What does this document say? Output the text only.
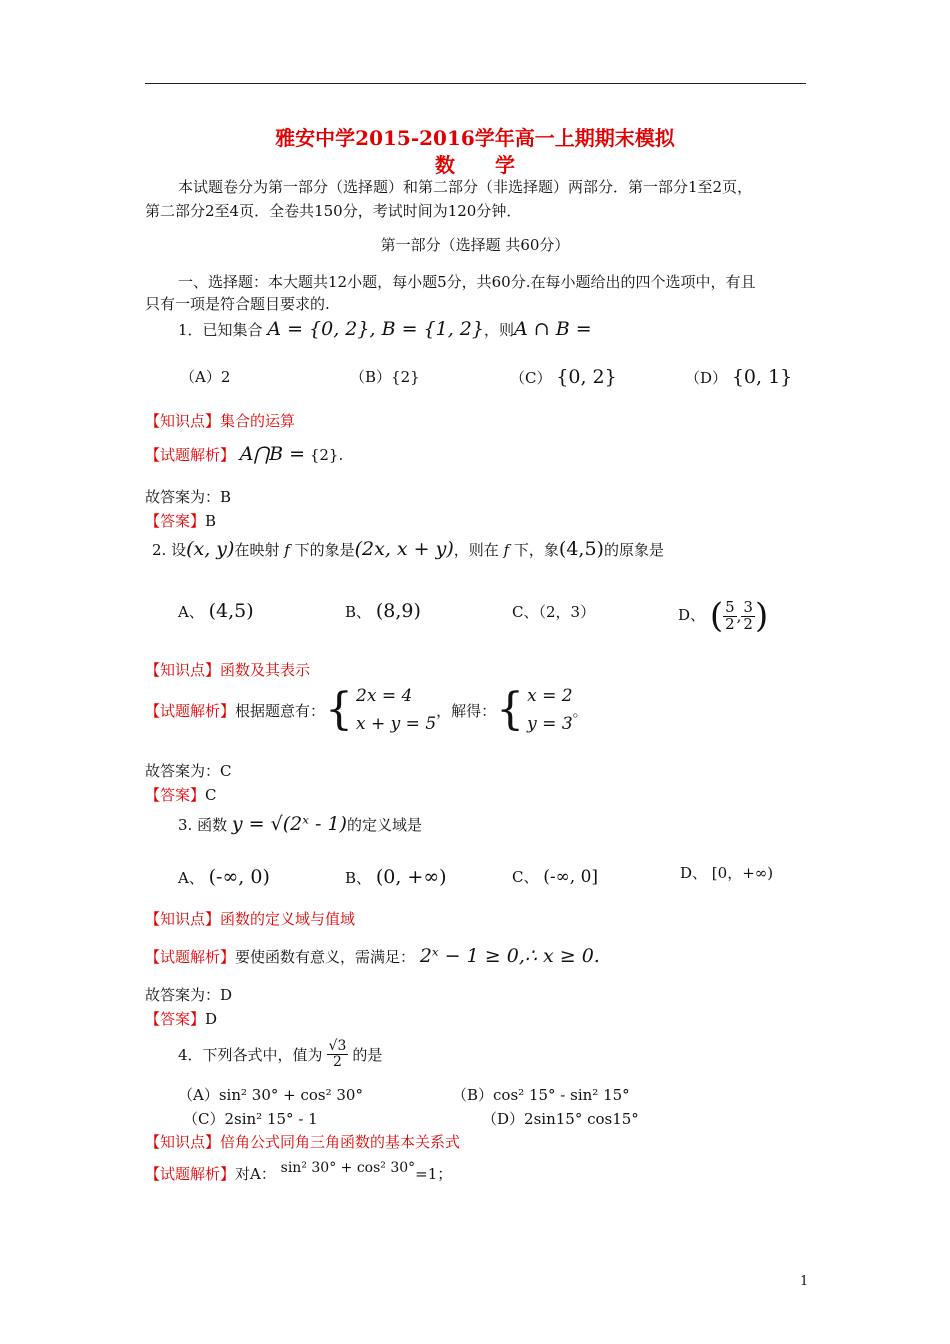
雅安中学2015-2016学年高一上期期末模拟
数　　学
本试题卷分为第一部分（选择题）和第二部分（非选择题）两部分．第一部分1至2页，
第二部分2至4页．全卷共150分，考试时间为120分钟．
第一部分（选择题 共60分）
一、选择题：本大题共12小题，每小题5分，共60分.在每小题给出的四个选项中，有且
只有一项是符合题目要求的.
1．已知集合 A = {0, 2}, B = {1, 2}，则A ∩ B =
（A）2	（B）{2}	（C） {0, 2}	（D） {0, 1}
【知识点】集合的运算
【试题解析】 A⋂B = {2}.
故答案为：B
【答案】B
2. 设(x, y)在映射 f 下的象是(2x, x + y)，则在 f 下，象(4,5)的原象是
A、 (4,5)	B、 (8,9)	C、（2，3）	D、 ( $\frac{5}{2}$ , $\frac{3}{2}$ )
【知识点】函数及其表示
【试题解析】 根据题意有： { 2x = 4
x + y = 5
，解得： { x = 2
y = 3
。
故答案为：C
【答案】C
3. 函数 y = √(2ˣ - 1)的定义域是
A、 (-∞, 0)	B、 (0, +∞)	C、 (-∞, 0]	D、 [0，+∞)
【知识点】函数的定义域与值域
【试题解析】要使函数有意义，需满足： 2ˣ − 1 ≥ 0,∴ x ≥ 0.
故答案为：D
【答案】D
4．下列各式中，值为 $\frac{√3}{2}$ 的是
（A）sin² 30° + cos² 30°	（B）cos² 15° - sin² 15°
（C）2sin² 15° - 1	（D）2sin15° cos15°
【知识点】倍角公式同角三角函数的基本关系式
【试题解析】对A： sin² 30° + cos² 30°=1；
1
